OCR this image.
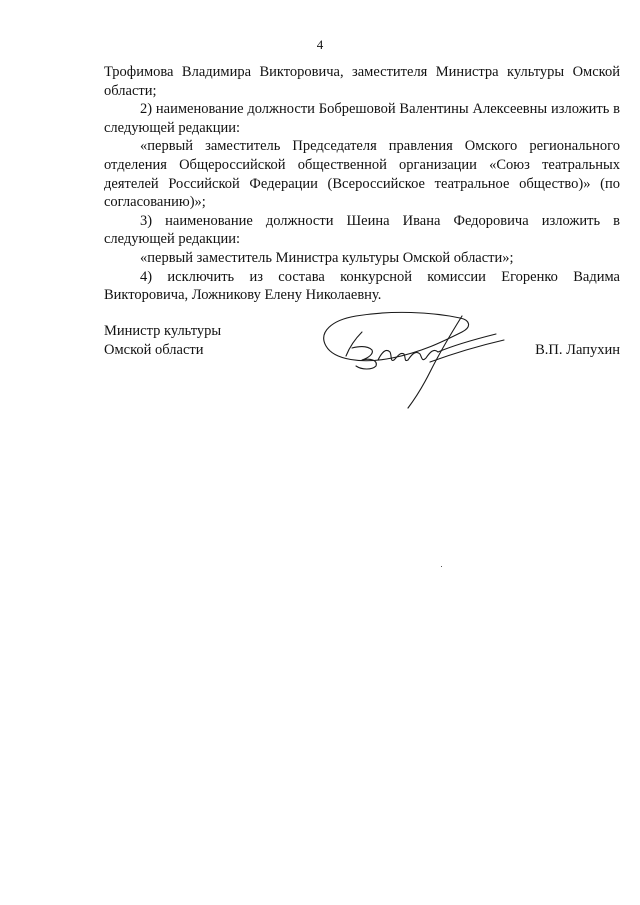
4

Трофимова Владимира Викторовича, заместителя Министра культуры Омской области;

2) наименование должности Бобрешовой Валентины Алексеевны изложить в следующей редакции:

«первый заместитель Председателя правления Омского регионального отделения Общероссийской общественной организации «Союз театральных деятелей Российской Федерации (Всероссийское театральное общество)» (по согласованию)»;

3) наименование должности Шеина Ивана Федоровича изложить в следующей редакции:

«первый заместитель Министра культуры Омской области»;

4) исключить из состава конкурсной комиссии Егоренко Вадима Викторовича, Ложникову Елену Николаевну.

Министр культуры
Омской области	В.П. Лапухин
